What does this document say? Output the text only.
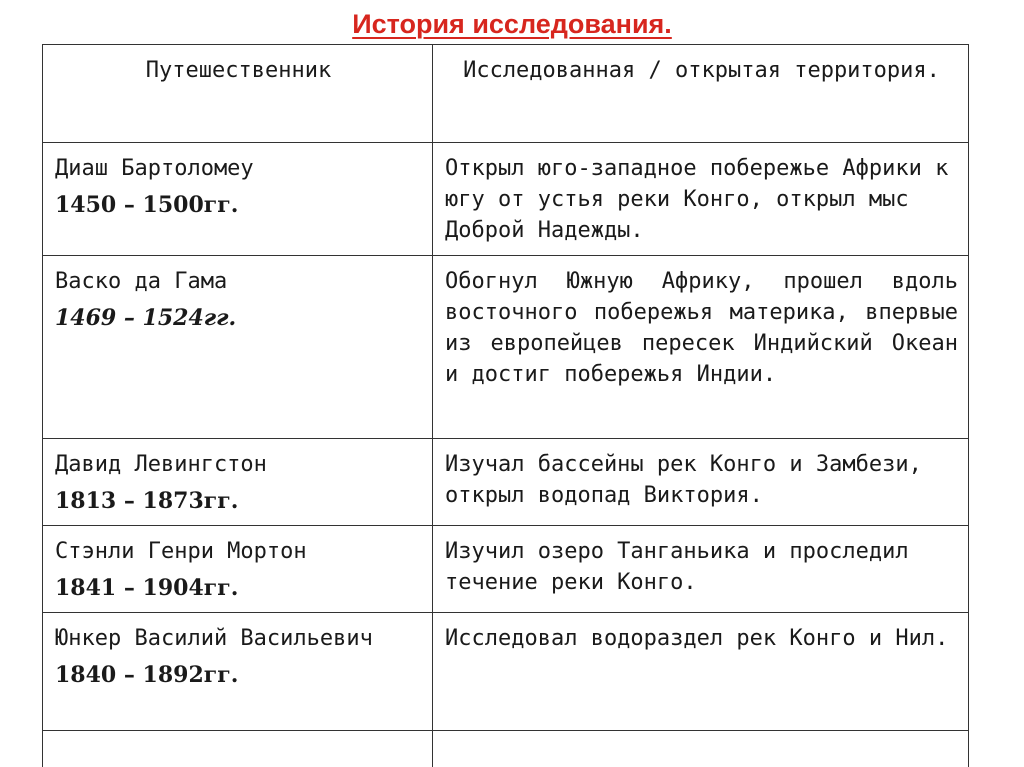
История исследования.
Путешественник	Исследованная / открытая территория.

Диаш Бартоломеу
1450 – 1500гг.	Открыл юго-западное побережье Африки к югу от устья реки Конго, открыл мыс Доброй Надежды.

Васко да Гама
1469 – 1524гг.	Обогнул Южную Африку, прошел вдоль восточного побережья материка, впервые из европейцев пересек Индийский Океан и достиг побережья Индии.

Давид Левингстон
1813 – 1873гг.	Изучал бассейны рек Конго и Замбези, открыл водопад Виктория.

Стэнли Генри Мортон
1841 – 1904гг.	Изучил озеро Танганьика и проследил течение реки Конго.

Юнкер Василий Васильевич
1840 – 1892гг.	Исследовал водораздел рек Конго и Нил.
